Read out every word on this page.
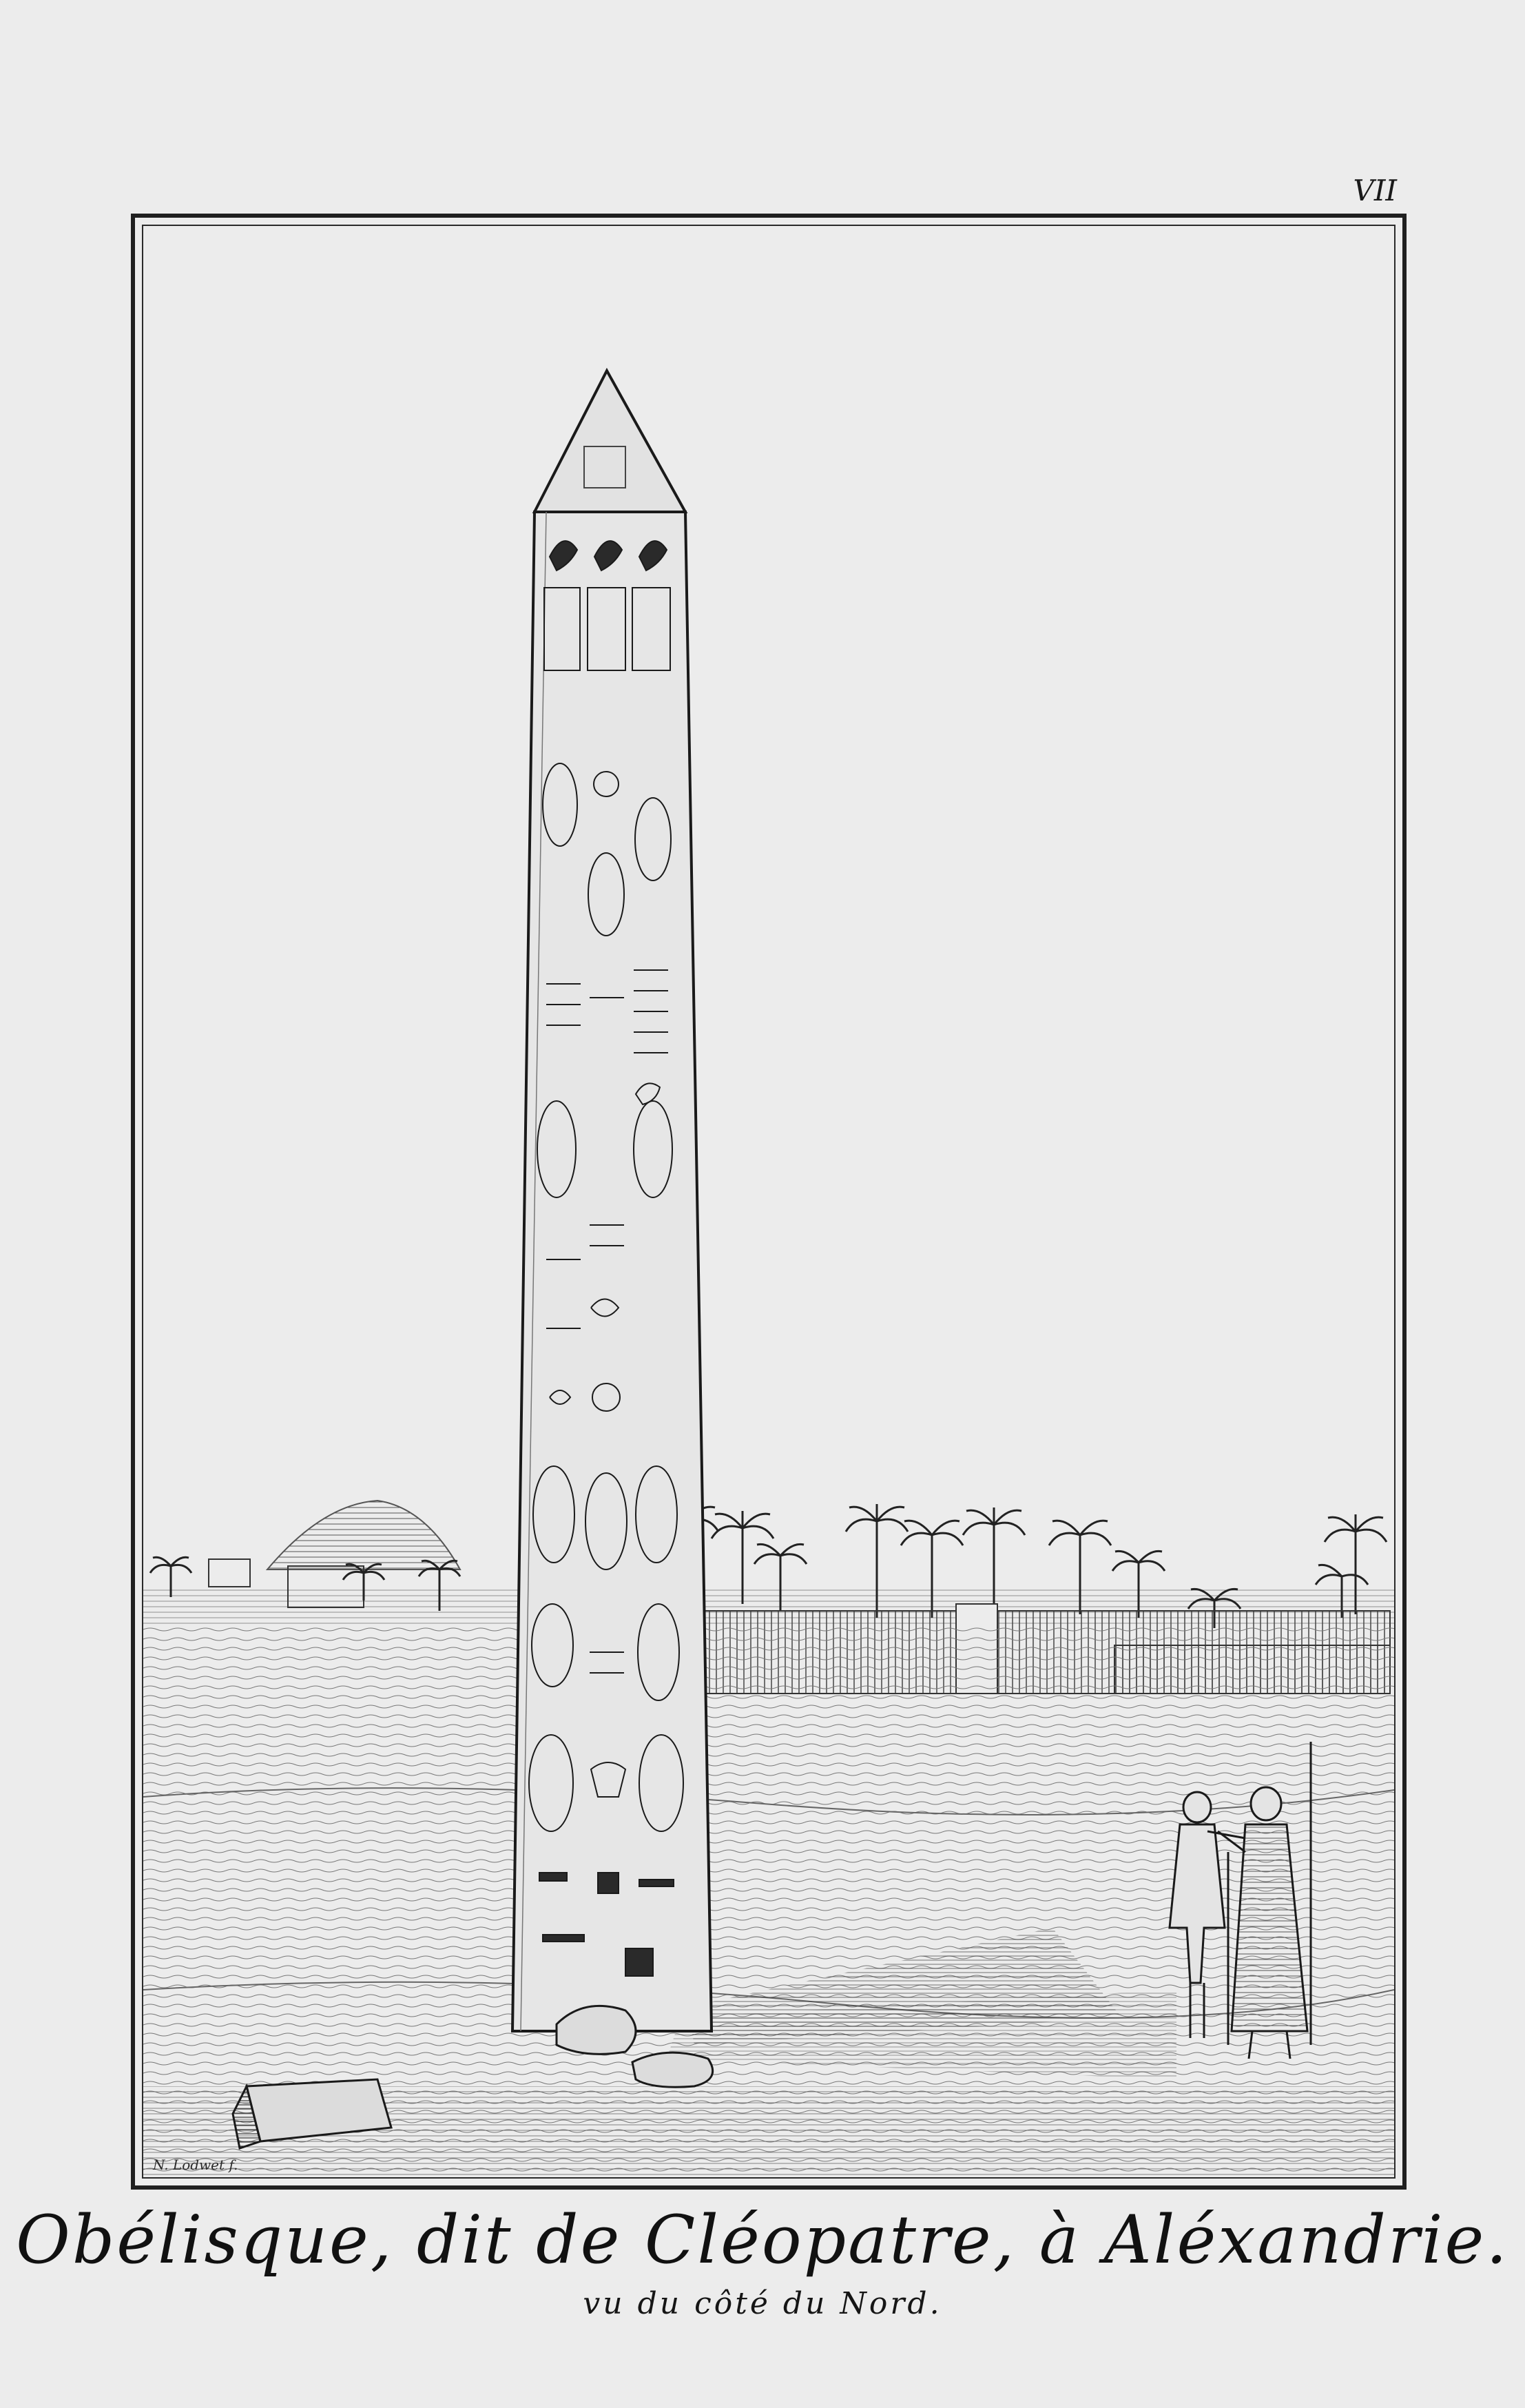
VII
N. Lodwet f.
Obélisque, dit de Cléopatre, à Aléxandrie.
vu du côté du Nord.
